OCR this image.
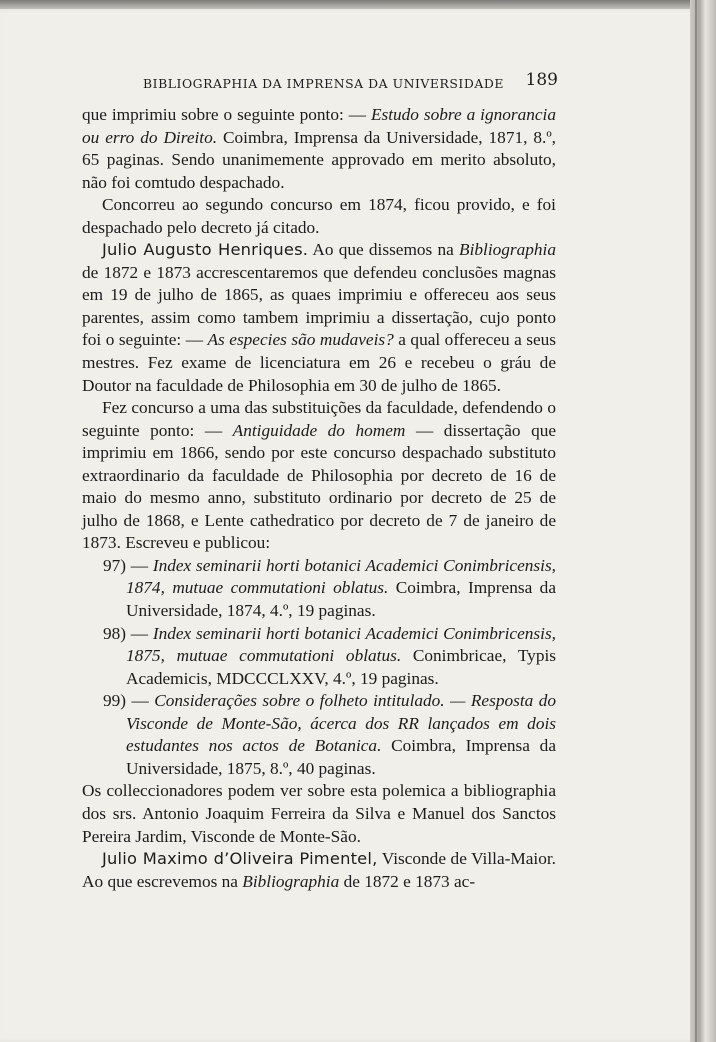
BIBLIOGRAPHIA DA IMPRENSA DA UNIVERSIDADE 189

que imprimiu sobre o seguinte ponto: — Estudo sobre a ignorancia ou erro do Direito. Coimbra, Imprensa da Universidade, 1871, 8.º, 65 paginas. Sendo unanimemente approvado em merito absoluto, não foi comtudo despachado.

Concorreu ao segundo concurso em 1874, ficou provido, e foi despachado pelo decreto já citado.

Julio Augusto Henriques. Ao que dissemos na Bibliographia de 1872 e 1873 accrescentaremos que defendeu conclusões magnas em 19 de julho de 1865, as quaes imprimiu e offereceu aos seus parentes, assim como tambem imprimiu a dissertação, cujo ponto foi o seguinte: — As especies são mudaveis? a qual offereceu a seus mestres. Fez exame de licenciatura em 26 e recebeu o gráu de Doutor na faculdade de Philosophia em 30 de julho de 1865.

Fez concurso a uma das substituições da faculdade, defendendo o seguinte ponto: — Antiguidade do homem — dissertação que imprimiu em 1866, sendo por este concurso despachado substituto extraordinario da faculdade de Philosophia por decreto de 16 de maio do mesmo anno, substituto ordinario por decreto de 25 de julho de 1868, e Lente cathedratico por decreto de 7 de janeiro de 1873. Escreveu e publicou:

97) — Index seminarii horti botanici Academici Conimbricensis, 1874, mutuae commutationi oblatus. Coimbra, Imprensa da Universidade, 1874, 4.º, 19 paginas.

98) — Index seminarii horti botanici Academici Conimbricensis, 1875, mutuae commutationi oblatus. Conimbricae, Typis Academicis, MDCCCLXXV, 4.º, 19 paginas.

99) — Considerações sobre o folheto intitulado. — Resposta do Visconde de Monte-São, ácerca dos RR lançados em dois estudantes nos actos de Botanica. Coimbra, Imprensa da Universidade, 1875, 8.º, 40 paginas.

Os colleccionadores podem ver sobre esta polemica a bibliographia dos srs. Antonio Joaquim Ferreira da Silva e Manuel dos Sanctos Pereira Jardim, Visconde de Monte-São.

Julio Maximo d’Oliveira Pimentel, Visconde de Villa-Maior. Ao que escrevemos na Bibliographia de 1872 e 1873 ac-
